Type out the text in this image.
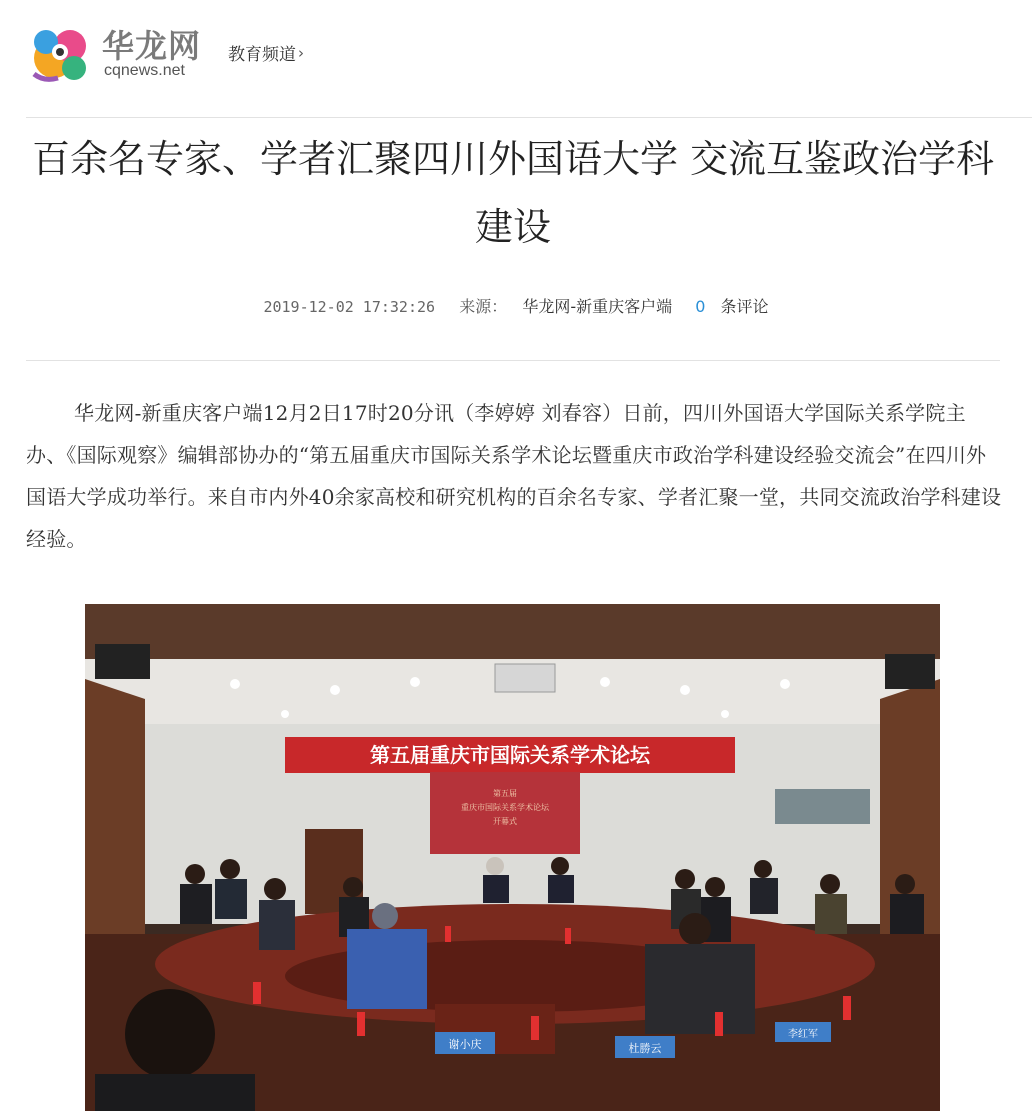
华龙网
cqnews.net
教育频道 ›
百余名专家、学者汇聚四川外国语大学 交流互鉴政治学科建设
2019-12-02 17:32:26 来源： 华龙网-新重庆客户端 0 条评论

华龙网-新重庆客户端12月2日17时20分讯（李婷婷 刘春容）日前，四川外国语大学国际关系学院主办、《国际观察》编辑部协办的“第五届重庆市国际关系学术论坛暨重庆市政治学科建设经验交流会”在四川外国语大学成功举行。来自市内外40余家高校和研究机构的百余名专家、学者汇聚一堂，共同交流政治学科建设经验。

第五届重庆市国际关系学术论坛
第五届
重庆市国际关系学术论坛
开幕式
谢小庆	杜勝云
李红军
